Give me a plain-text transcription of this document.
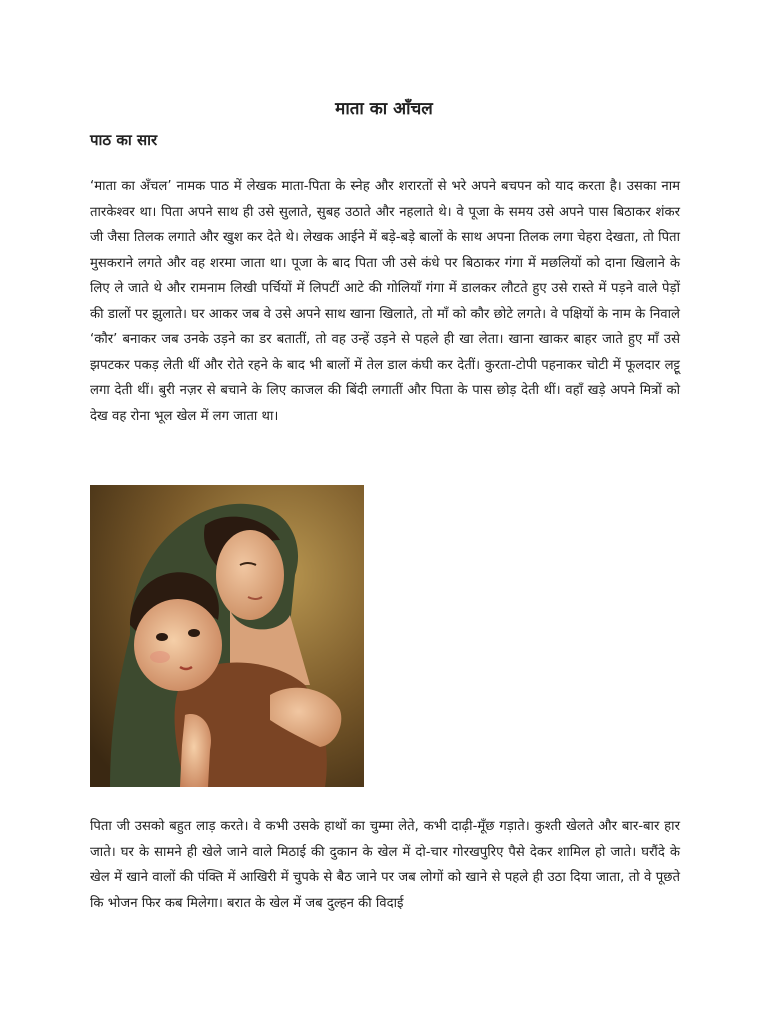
माता का आँचल
पाठ का सार
‘माता का अँचल’ नामक पाठ में लेखक माता-पिता के स्नेह और शरारतों से भरे अपने बचपन को याद करता है। उसका नाम तारकेश्वर था। पिता अपने साथ ही उसे सुलाते, सुबह उठाते और नहलाते थे। वे पूजा के समय उसे अपने पास बिठाकर शंकर जी जैसा तिलक लगाते और खुश कर देते थे। लेखक आईने में बड़े-बड़े बालों के साथ अपना तिलक लगा चेहरा देखता, तो पिता मुसकराने लगते और वह शरमा जाता था। पूजा के बाद पिता जी उसे कंधे पर बिठाकर गंगा में मछलियों को दाना खिलाने के लिए ले जाते थे और रामनाम लिखी पर्चियों में लिपटीं आटे की गोलियाँ गंगा में डालकर लौटते हुए उसे रास्ते में पड़ने वाले पेड़ों की डालों पर झुलाते। घर आकर जब वे उसे अपने साथ खाना खिलाते, तो माँ को कौर छोटे लगते। वे पक्षियों के नाम के निवाले ‘कौर’ बनाकर जब उनके उड़ने का डर बतातीं, तो वह उन्हें उड़ने से पहले ही खा लेता। खाना खाकर बाहर जाते हुए माँ उसे झपटकर पकड़ लेती थीं और रोते रहने के बाद भी बालों में तेल डाल कंघी कर देतीं। कुरता-टोपी पहनाकर चोटी में फूलदार लट्टू लगा देती थीं। बुरी नज़र से बचाने के लिए काजल की बिंदी लगातीं और पिता के पास छोड़ देती थीं। वहाँ खड़े अपने मित्रों को देख वह रोना भूल खेल में लग जाता था।
पिता जी उसको बहुत लाड़ करते। वे कभी उसके हाथों का चुम्मा लेते, कभी दाढ़ी-मूँछ गड़ाते। कुश्ती खेलते और बार-बार हार जाते। घर के सामने ही खेले जाने वाले मिठाई की दुकान के खेल में दो-चार गोरखपुरिए पैसे देकर शामिल हो जाते। घरौंदे के खेल में खाने वालों की पंक्ति में आखिरी में चुपके से बैठ जाने पर जब लोगों को खाने से पहले ही उठा दिया जाता, तो वे पूछते कि भोजन फिर कब मिलेगा। बरात के खेल में जब दुल्हन की विदाई
